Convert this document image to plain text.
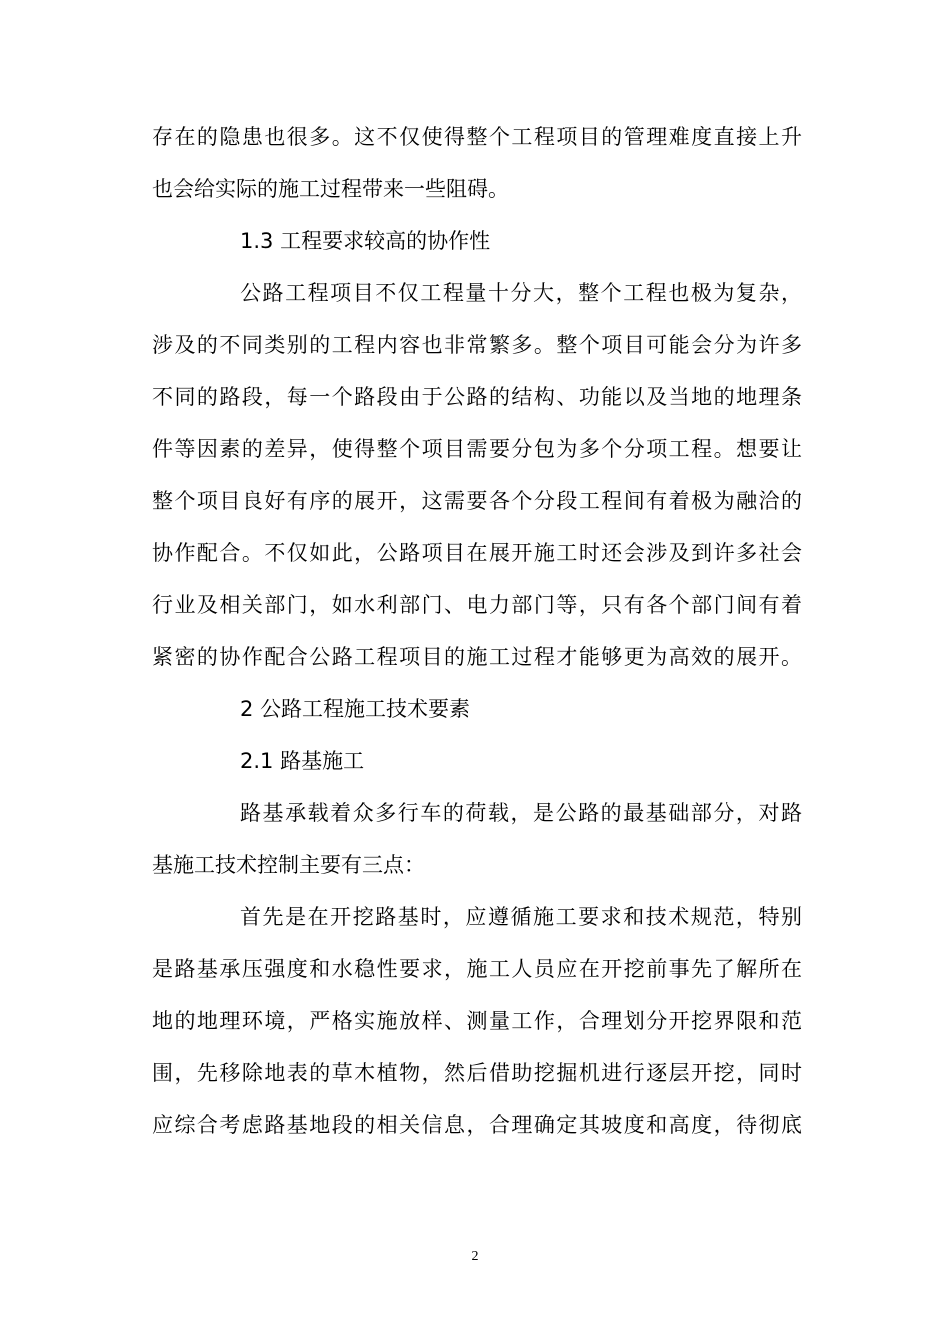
存在的隐患也很多。这不仅使得整个工程项目的管理难度直接上升
也会给实际的施工过程带来一些阻碍。
1.3 工程要求较高的协作性
公路工程项目不仅工程量十分大，整个工程也极为复杂，
涉及的不同类别的工程内容也非常繁多。整个项目可能会分为许多
不同的路段，每一个路段由于公路的结构、功能以及当地的地理条
件等因素的差异，使得整个项目需要分包为多个分项工程。想要让
整个项目良好有序的展开，这需要各个分段工程间有着极为融洽的
协作配合。不仅如此，公路项目在展开施工时还会涉及到许多社会
行业及相关部门，如水利部门、电力部门等，只有各个部门间有着
紧密的协作配合公路工程项目的施工过程才能够更为高效的展开。
2 公路工程施工技术要素
2.1 路基施工
路基承载着众多行车的荷载，是公路的最基础部分，对路
基施工技术控制主要有三点：
首先是在开挖路基时，应遵循施工要求和技术规范，特别
是路基承压强度和水稳性要求，施工人员应在开挖前事先了解所在
地的地理环境，严格实施放样、测量工作，合理划分开挖界限和范
围，先移除地表的草木植物，然后借助挖掘机进行逐层开挖，同时
应综合考虑路基地段的相关信息，合理确定其坡度和高度，待彻底
2
